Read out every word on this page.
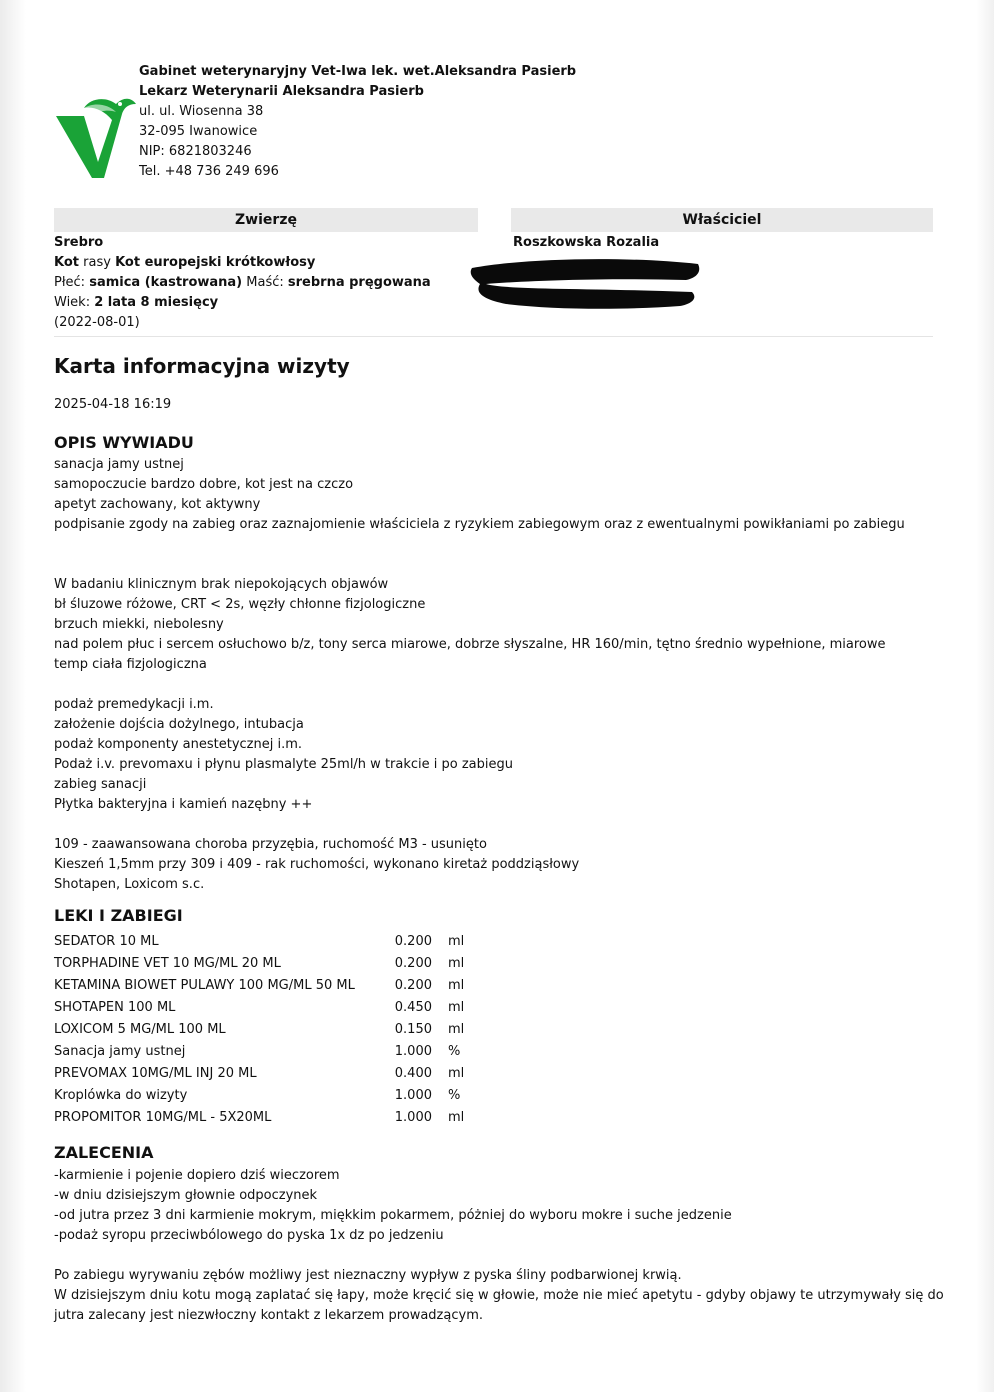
Gabinet weterynaryjny Vet-Iwa lek. wet.Aleksandra Pasierb
Lekarz Weterynarii Aleksandra Pasierb
ul. ul. Wiosenna 38
32-095 Iwanowice
NIP: 6821803246
Tel. +48 736 249 696
Zwierzę
Srebro
Kot rasy Kot europejski krótkowłosy
Płeć: samica (kastrowana) Maść: srebrna pręgowana
Wiek: 2 lata 8 miesięcy
(2022-08-01)
Właściciel
Roszkowska Rozalia
Karta informacyjna wizyty
2025-04-18 16:19
OPIS WYWIADU
sanacja jamy ustnej
samopoczucie bardzo dobre, kot jest na czczo
apetyt zachowany, kot aktywny
podpisanie zgody na zabieg oraz zaznajomienie właściciela z ryzykiem zabiegowym oraz z ewentualnymi powikłaniami po zabiegu
W badaniu klinicznym brak niepokojących objawów
bł śluzowe różowe, CRT < 2s, węzły chłonne fizjologiczne
brzuch miekki, niebolesny
nad polem płuc i sercem osłuchowo b/z, tony serca miarowe, dobrze słyszalne, HR 160/min, tętno średnio wypełnione, miarowe
temp ciała fizjologiczna
podaż premedykacji i.m.
założenie dojścia dożylnego, intubacja
podaż komponenty anestetycznej i.m.
Podaż i.v. prevomaxu i płynu plasmalyte 25ml/h w trakcie i po zabiegu
zabieg sanacji
Płytka bakteryjna i kamień nazębny ++
109 - zaawansowana choroba przyzębia, ruchomość M3 - usunięto
Kieszeń 1,5mm przy 309 i 409 - rak ruchomości, wykonano kiretaż poddziąsłowy
Shotapen, Loxicom s.c.
LEKI I ZABIEGI
SEDATOR 10 ML	0.200	ml
TORPHADINE VET 10 MG/ML 20 ML	0.200	ml
KETAMINA BIOWET PULAWY 100 MG/ML 50 ML	0.200	ml
SHOTAPEN 100 ML	0.450	ml
LOXICOM 5 MG/ML 100 ML	0.150	ml
Sanacja jamy ustnej	1.000	%
PREVOMAX 10MG/ML INJ 20 ML	0.400	ml
Kroplówka do wizyty	1.000	%
PROPOMITOR 10MG/ML - 5X20ML	1.000	ml
ZALECENIA
-karmienie i pojenie dopiero dziś wieczorem
-w dniu dzisiejszym głownie odpoczynek
-od jutra przez 3 dni karmienie mokrym, miękkim pokarmem, póżniej do wyboru mokre i suche jedzenie
-podaż syropu przeciwbólowego do pyska 1x dz po jedzeniu
Po zabiegu wyrywaniu zębów możliwy jest nieznaczny wypływ z pyska śliny podbarwionej krwią.
W dzisiejszym dniu kotu mogą zaplatać się łapy, może kręcić się w głowie, może nie mieć apetytu - gdyby objawy te utrzymywały się do
jutra zalecany jest niezwłoczny kontakt z lekarzem prowadzącym.
